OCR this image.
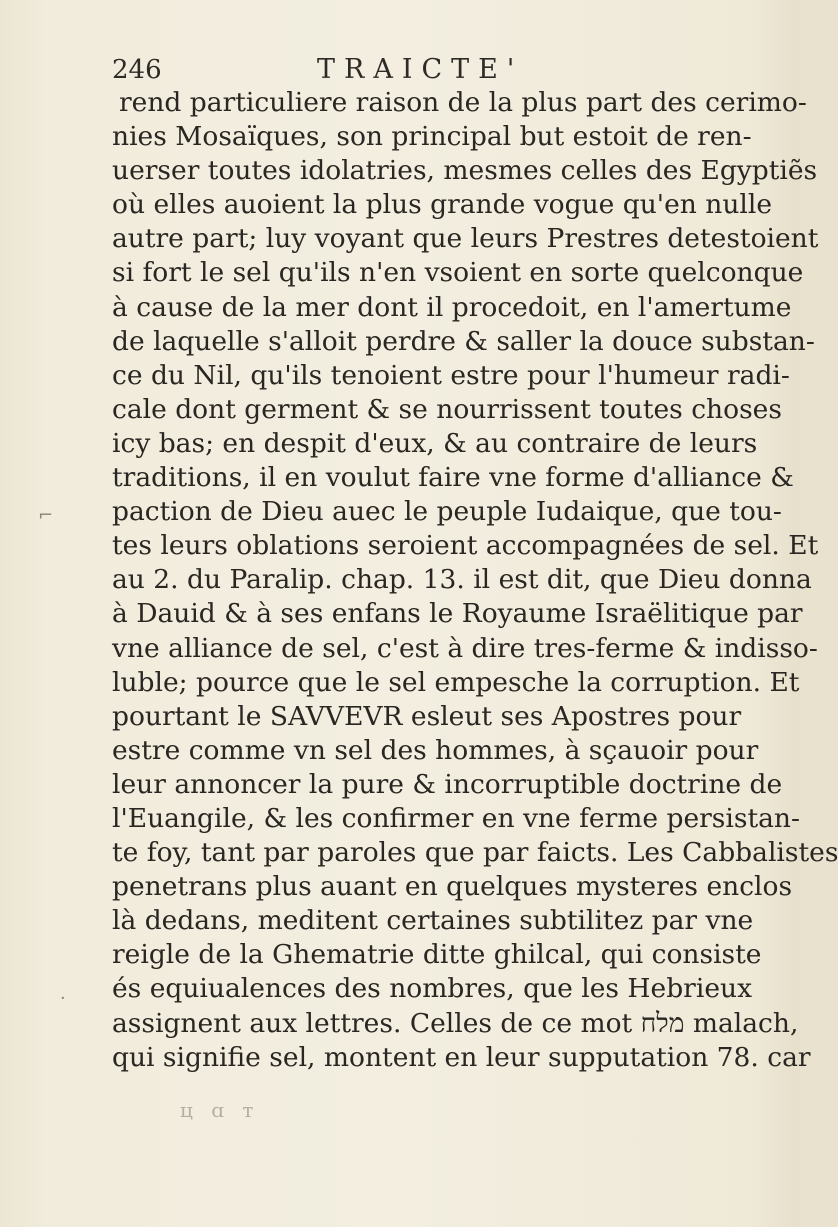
246	TRAICTE'
rend particuliere raison de la plus part des cerimo-
nies Mosaïques, son principal but estoit de ren-
uerser toutes idolatries, mesmes celles des Egyptiẽs
où elles auoient la plus grande vogue qu'en nulle
autre part; luy voyant que leurs Prestres detestoient
si fort le sel qu'ils n'en vsoient en sorte quelconque
à cause de la mer dont il procedoit, en l'amertume
de laquelle s'alloit perdre & saller la douce substan-
ce du Nil, qu'ils tenoient estre pour l'humeur radi-
cale dont germent & se nourrissent toutes choses
icy bas; en despit d'eux, & au contraire de leurs
traditions, il en voulut faire vne forme d'alliance &
paction de Dieu auec le peuple Iudaique, que tou-
tes leurs oblations seroient accompagnées de sel. Et
au 2. du Paralip. chap. 13. il est dit, que Dieu donna
à Dauid & à ses enfans le Royaume Israëlitique par
vne alliance de sel, c'est à dire tres-ferme & indisso-
luble; pource que le sel empesche la corruption. Et
pourtant le SAVVEVR esleut ses Apostres pour
estre comme vn sel des hommes, à sçauoir pour
leur annoncer la pure & incorruptible doctrine de
l'Euangile, & les confirmer en vne ferme persistan-
te foy, tant par paroles que par faicts. Les Cabbalistes
penetrans plus auant en quelques mysteres enclos
là dedans, meditent certaines subtilitez par vne
reigle de la Ghematrie ditte ghilcal, qui consiste
és equiualences des nombres, que les Hebrieux
assignent aux lettres. Celles de ce mot מלח malach,
qui signifie sel, montent en leur supputation 78. car
ц ɑ т
⌐
·
